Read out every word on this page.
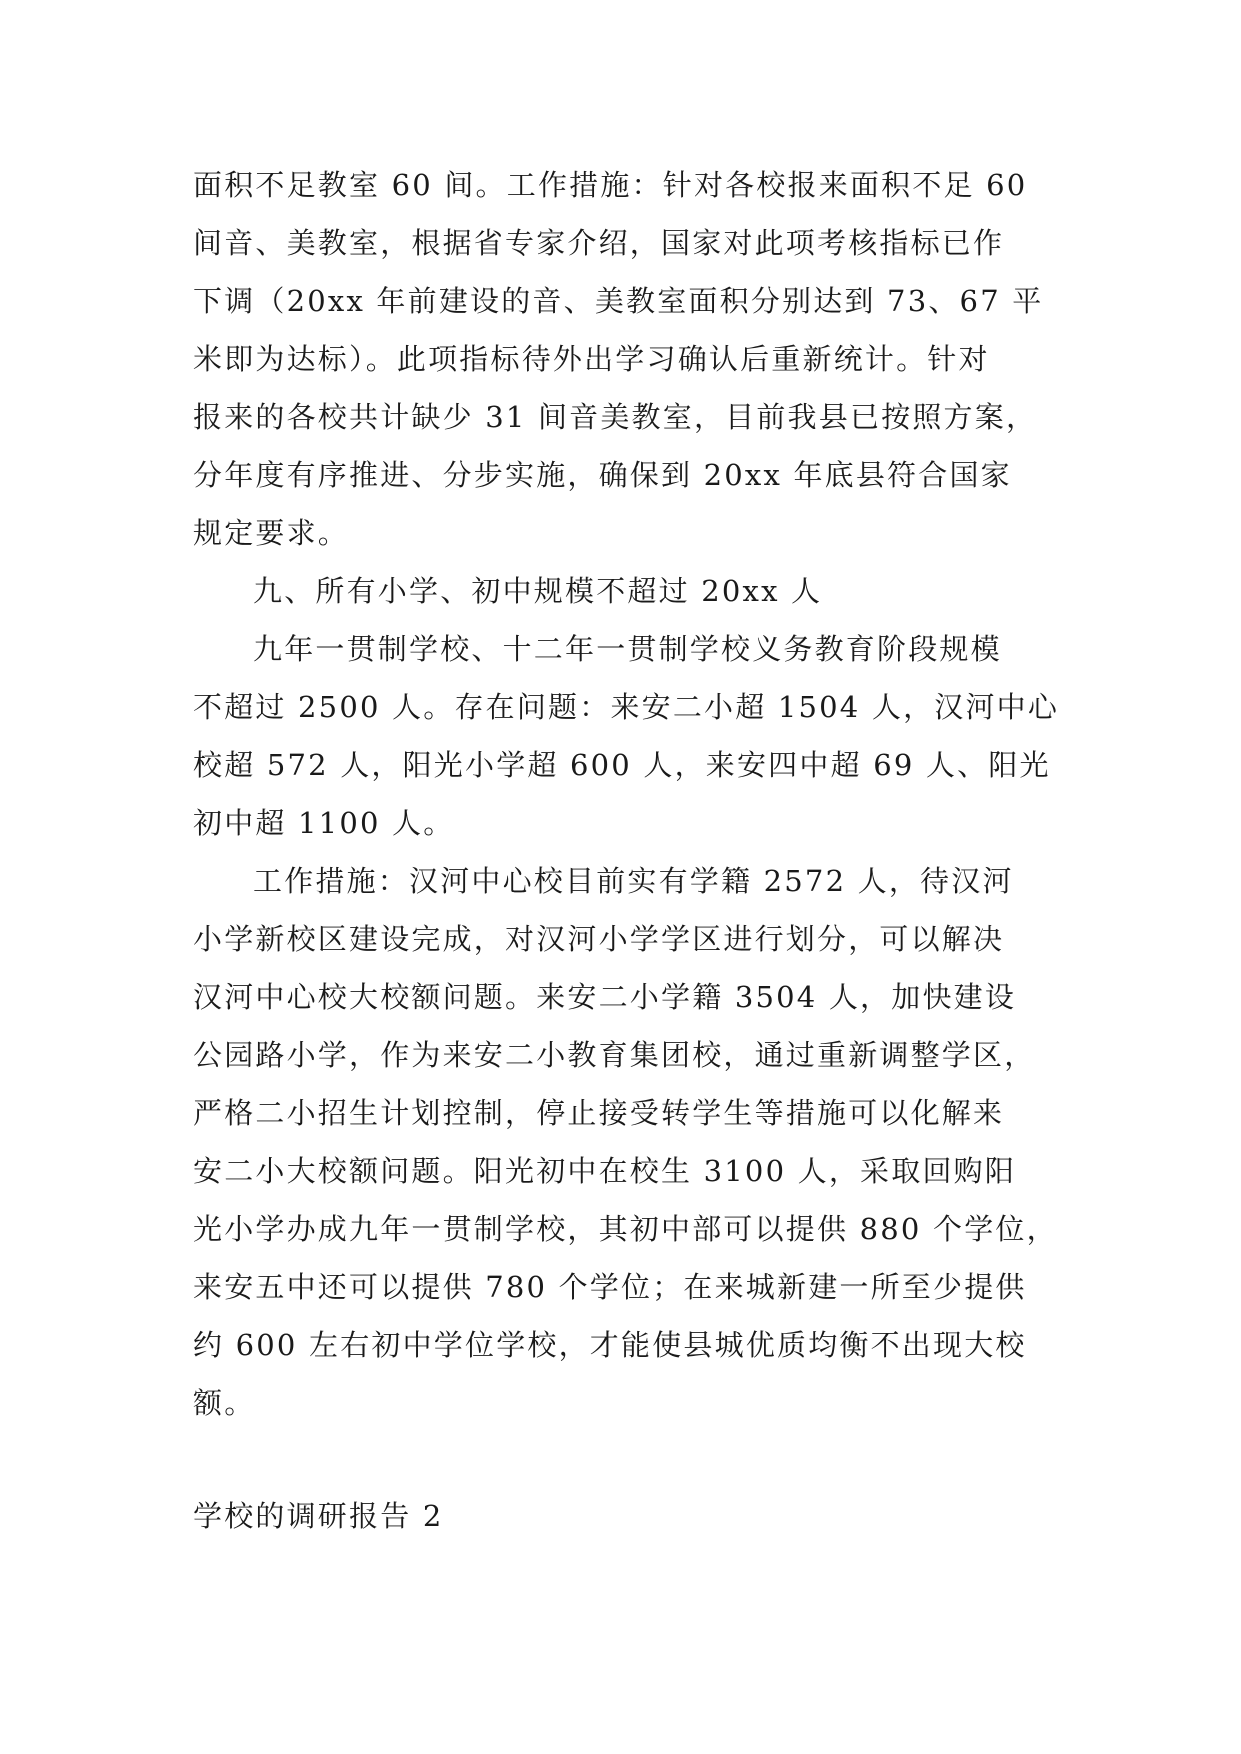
面积不足教室 60 间。工作措施：针对各校报来面积不足 60
间音、美教室，根据省专家介绍，国家对此项考核指标已作
下调（20xx 年前建设的音、美教室面积分别达到 73、67 平
米即为达标）。此项指标待外出学习确认后重新统计。针对
报来的各校共计缺少 31 间音美教室，目前我县已按照方案，
分年度有序推进、分步实施，确保到 20xx 年底县符合国家
规定要求。
九、所有小学、初中规模不超过 20xx 人
九年一贯制学校、十二年一贯制学校义务教育阶段规模
不超过 2500 人。存在问题：来安二小超 1504 人，汉河中心
校超 572 人，阳光小学超 600 人，来安四中超 69 人、阳光
初中超 1100 人。
工作措施：汉河中心校目前实有学籍 2572 人，待汉河
小学新校区建设完成，对汉河小学学区进行划分，可以解决
汉河中心校大校额问题。来安二小学籍 3504 人，加快建设
公园路小学，作为来安二小教育集团校，通过重新调整学区，
严格二小招生计划控制，停止接受转学生等措施可以化解来
安二小大校额问题。阳光初中在校生 3100 人，采取回购阳
光小学办成九年一贯制学校，其初中部可以提供 880 个学位，
来安五中还可以提供 780 个学位；在来城新建一所至少提供
约 600 左右初中学位学校，才能使县城优质均衡不出现大校
额。
学校的调研报告 2
